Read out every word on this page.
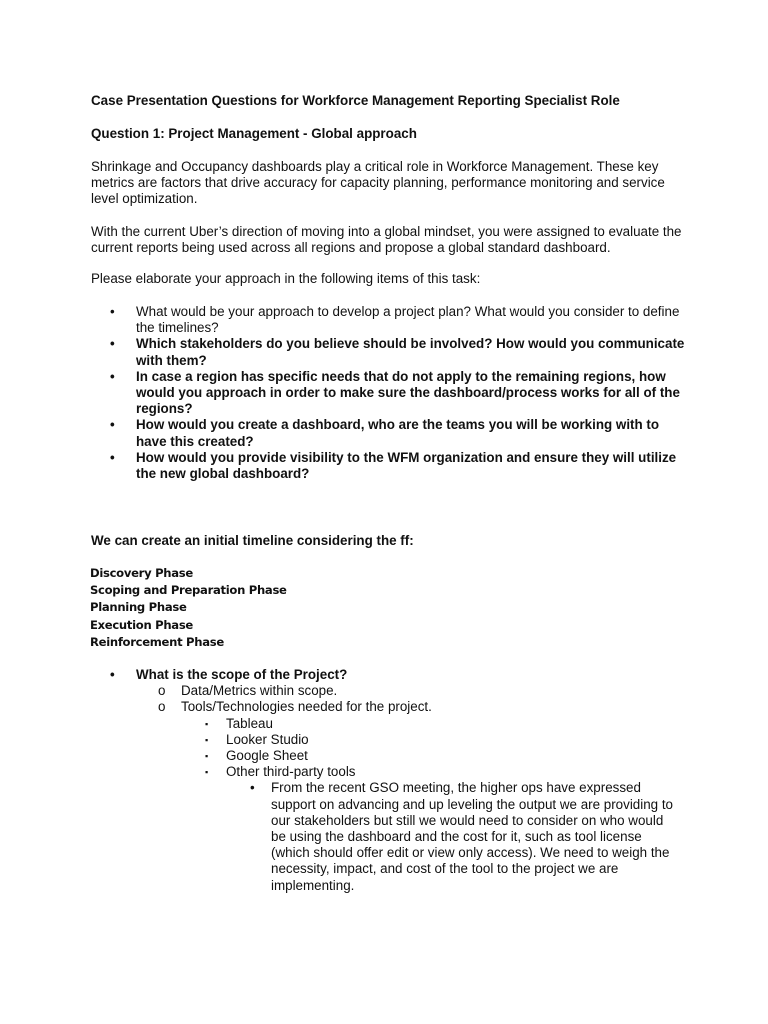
Case Presentation Questions for Workforce Management Reporting Specialist Role

Question 1: Project Management - Global approach

Shrinkage and Occupancy dashboards play a critical role in Workforce Management. These key metrics are factors that drive accuracy for capacity planning, performance monitoring and service level optimization.

With the current Uber’s direction of moving into a global mindset, you were assigned to evaluate the current reports being used across all regions and propose a global standard dashboard.

Please elaborate your approach in the following items of this task:

• What would be your approach to develop a project plan? What would you consider to define the timelines?
• Which stakeholders do you believe should be involved? How would you communicate with them?
• In case a region has specific needs that do not apply to the remaining regions, how would you approach in order to make sure the dashboard/process works for all of the regions?
• How would you create a dashboard, who are the teams you will be working with to have this created?
• How would you provide visibility to the WFM organization and ensure they will utilize the new global dashboard?

We can create an initial timeline considering the ff:

Discovery Phase
Scoping and Preparation Phase
Planning Phase
Execution Phase
Reinforcement Phase
• What is the scope of the Project?
o Data/Metrics within scope.
o Tools/Technologies needed for the project.
▪ Tableau
▪ Looker Studio
▪ Google Sheet
▪ Other third-party tools
• From the recent GSO meeting, the higher ops have expressed support on advancing and up leveling the output we are providing to our stakeholders but still we would need to consider on who would be using the dashboard and the cost for it, such as tool license (which should offer edit or view only access). We need to weigh the necessity, impact, and cost of the tool to the project we are implementing.
